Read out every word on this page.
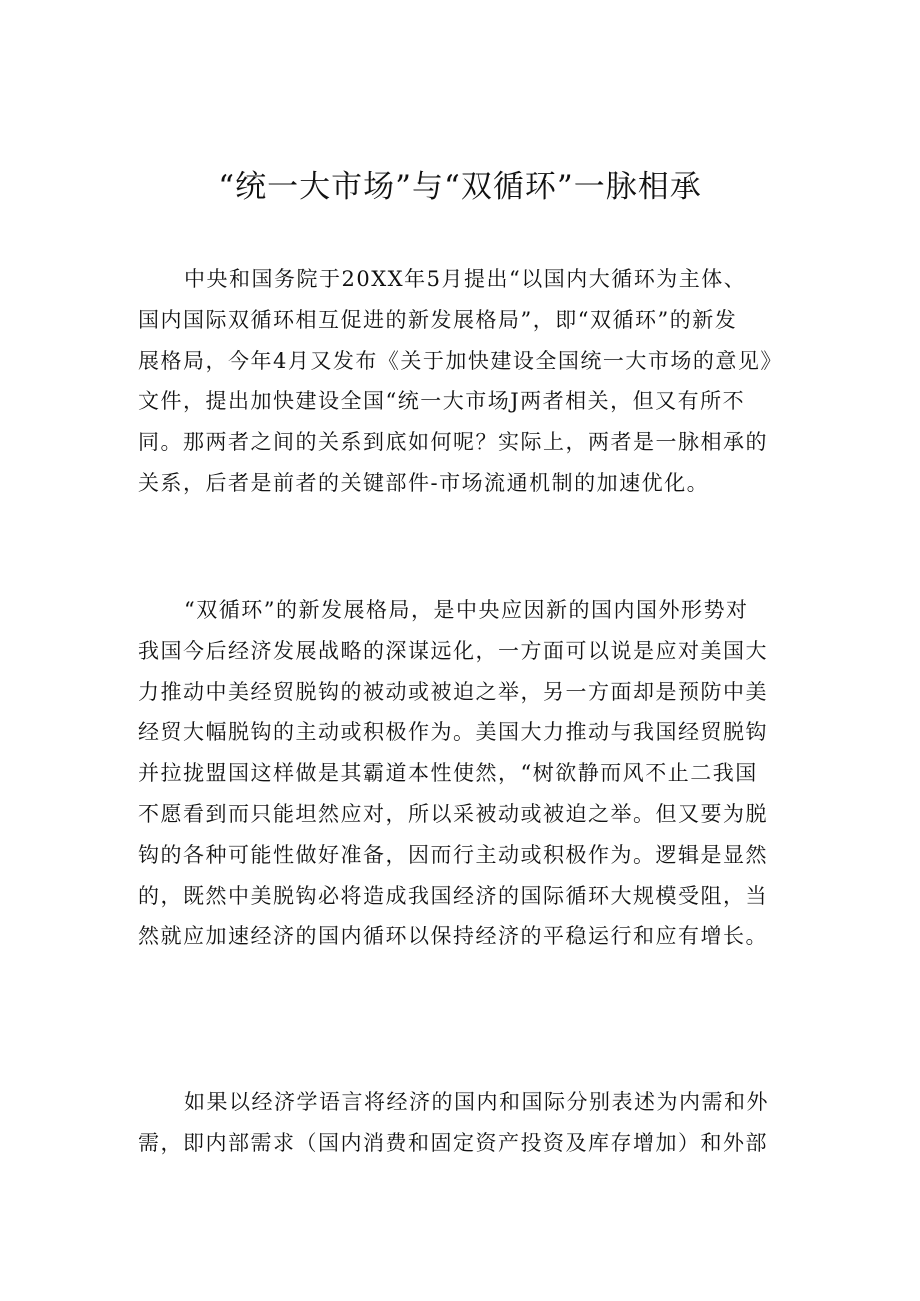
“统一大市场”与“双循环”一脉相承
中央和国务院于20XX年5月提出“以国内大循环为主体、
国内国际双循环相互促进的新发展格局”，即“双循环”的新发
展格局，今年4月又发布《关于加快建设全国统一大市场的意见》
文件，提出加快建设全国“统一大市场J两者相关，但又有所不
同。那两者之间的关系到底如何呢？实际上，两者是一脉相承的
关系，后者是前者的关键部件-市场流通机制的加速优化。
“双循环”的新发展格局，是中央应因新的国内国外形势对
我国今后经济发展战略的深谋远化，一方面可以说是应对美国大
力推动中美经贸脱钩的被动或被迫之举，另一方面却是预防中美
经贸大幅脱钩的主动或积极作为。美国大力推动与我国经贸脱钩
并拉拢盟国这样做是其霸道本性使然，“树欲静而风不止二我国
不愿看到而只能坦然应对，所以采被动或被迫之举。但又要为脱
钩的各种可能性做好准备，因而行主动或积极作为。逻辑是显然
的，既然中美脱钩必将造成我国经济的国际循环大规模受阻，当
然就应加速经济的国内循环以保持经济的平稳运行和应有增长。
如果以经济学语言将经济的国内和国际分别表述为内需和外
需，即内部需求（国内消费和固定资产投资及库存增加）和外部
